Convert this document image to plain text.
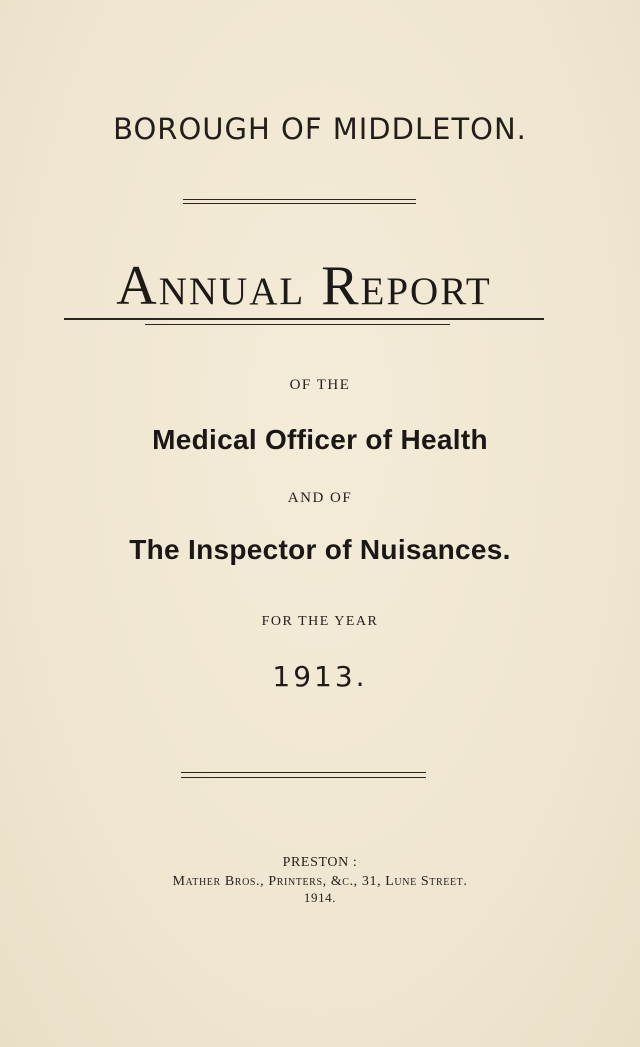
BOROUGH OF MIDDLETON.
Annual Report
OF THE
Medical Officer of Health
AND OF
The Inspector of Nuisances.
FOR THE YEAR
1913.
PRESTON :
Mather Bros., Printers, &c., 31, Lune Street.
1914.
